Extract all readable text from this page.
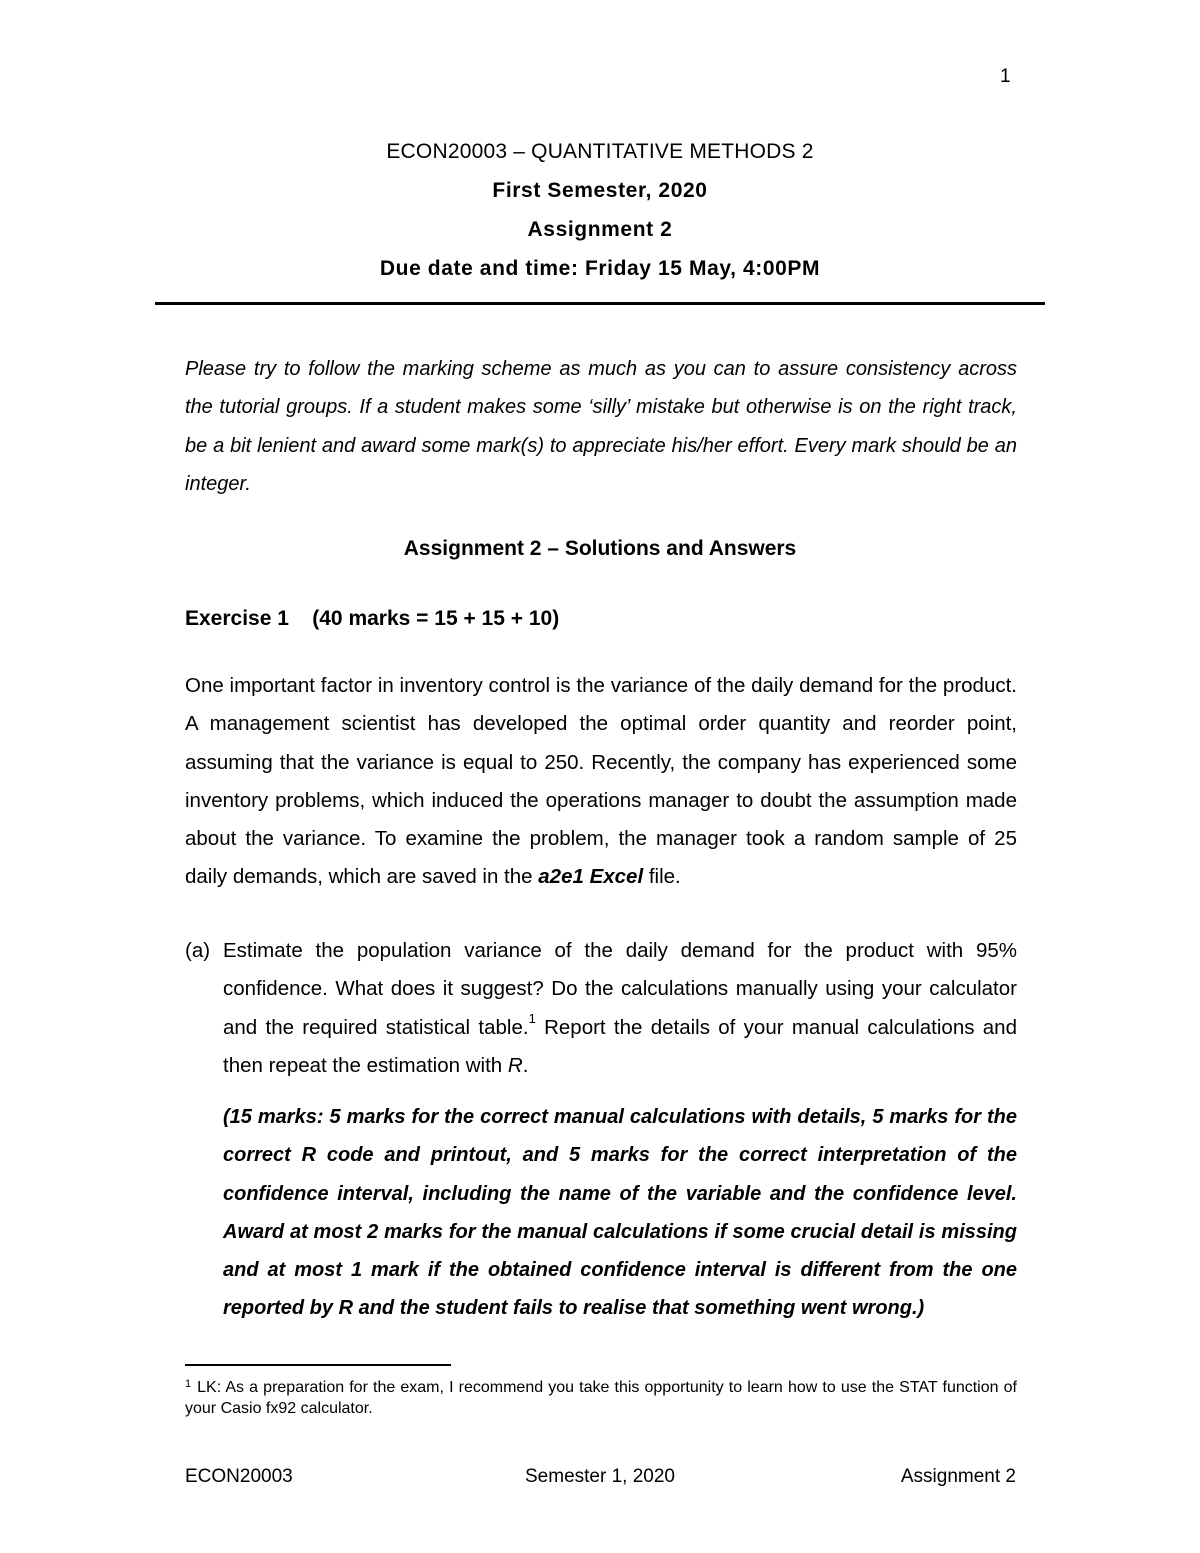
1
ECON20003 – QUANTITATIVE METHODS 2
First Semester, 2020
Assignment 2
Due date and time: Friday 15 May, 4:00PM
Please try to follow the marking scheme as much as you can to assure consistency across the tutorial groups. If a student makes some ‘silly’ mistake but otherwise is on the right track, be a bit lenient and award some mark(s) to appreciate his/her effort. Every mark should be an integer.
Assignment 2 – Solutions and Answers
Exercise 1    (40 marks = 15 + 15 + 10)
One important factor in inventory control is the variance of the daily demand for the product. A management scientist has developed the optimal order quantity and reorder point, assuming that the variance is equal to 250. Recently, the company has experienced some inventory problems, which induced the operations manager to doubt the assumption made about the variance. To examine the problem, the manager took a random sample of 25 daily demands, which are saved in the a2e1 Excel file.
(a) Estimate the population variance of the daily demand for the product with 95% confidence. What does it suggest? Do the calculations manually using your calculator and the required statistical table.$^1$ Report the details of your manual calculations and then repeat the estimation with R.
(15 marks: 5 marks for the correct manual calculations with details, 5 marks for the correct R code and printout, and 5 marks for the correct interpretation of the confidence interval, including the name of the variable and the confidence level. Award at most 2 marks for the manual calculations if some crucial detail is missing and at most 1 mark if the obtained confidence interval is different from the one reported by R and the student fails to realise that something went wrong.)
$^1$ LK: As a preparation for the exam, I recommend you take this opportunity to learn how to use the STAT function of your Casio fx92 calculator.
ECON20003	Semester 1, 2020	Assignment 2
